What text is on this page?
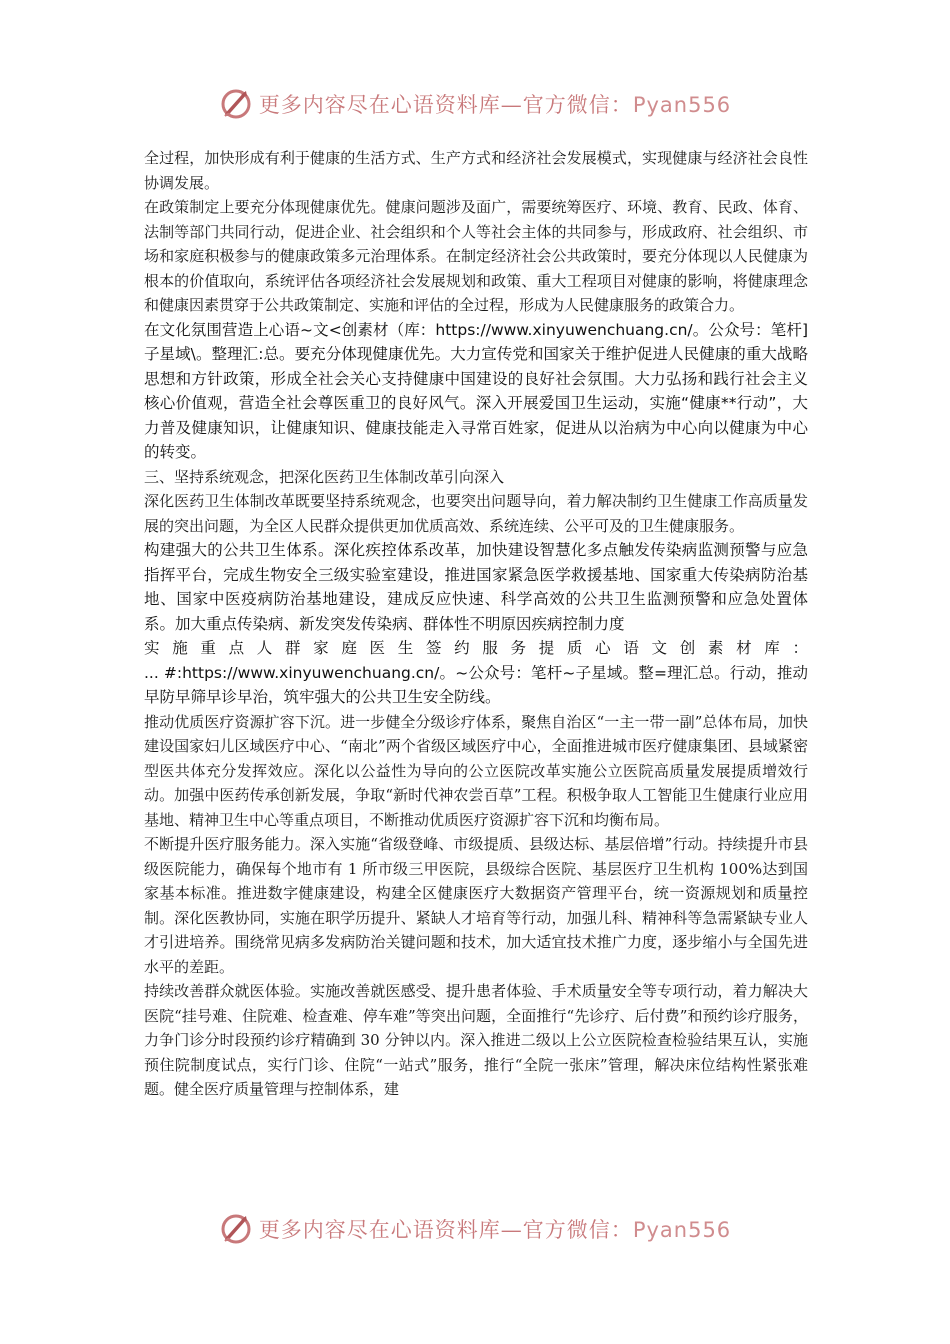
更多内容尽在心语资料库—官方微信：Pyan556

全过程，加快形成有利于健康的生活方式、生产方式和经济社会发展模式，实现健康与经济社会良性协调发展。

在政策制定上要充分体现健康优先。健康问题涉及面广，需要统筹医疗、环境、教育、民政、体育、法制等部门共同行动，促进企业、社会组织和个人等社会主体的共同参与，形成政府、社会组织、市场和家庭积极参与的健康政策多元治理体系。在制定经济社会公共政策时，要充分体现以人民健康为根本的价值取向，系统评估各项经济社会发展规划和政策、重大工程项目对健康的影响，将健康理念和健康因素贯穿于公共政策制定、实施和评估的全过程，形成为人民健康服务的政策合力。

在文化氛围营造上心语~文<创素材（库：https://www.xinyuwenchuang.cn/。公众号：笔杆]子星域\。整理汇:总。要充分体现健康优先。大力宣传党和国家关于维护促进人民健康的重大战略思想和方针政策，形成全社会关心支持健康中国建设的良好社会氛围。大力弘扬和践行社会主义核心价值观，营造全社会尊医重卫的良好风气。深入开展爱国卫生运动，实施“健康**行动”，大力普及健康知识，让健康知识、健康技能走入寻常百姓家，促进从以治病为中心向以健康为中心的转变。

三、坚持系统观念，把深化医药卫生体制改革引向深入

深化医药卫生体制改革既要坚持系统观念，也要突出问题导向，着力解决制约卫生健康工作高质量发展的突出问题，为全区人民群众提供更加优质高效、系统连续、公平可及的卫生健康服务。

构建强大的公共卫生体系。深化疾控体系改革，加快建设智慧化多点触发传染病监测预警与应急指挥平台，完成生物安全三级实验室建设，推进国家紧急医学救援基地、国家重大传染病防治基地、国家中医疫病防治基地建设，建成反应快速、科学高效的公共卫生监测预警和应急处置体系。加大重点传染病、新发突发传染病、群体性不明原因疾病控制力度

实施重点人群家庭医生签约服务提质心语文创素材库：

... #:https://www.xinyuwenchuang.cn/。~公众号：笔杆~子星域。整=理汇总。行动，推动早防早筛早诊早治，筑牢强大的公共卫生安全防线。

推动优质医疗资源扩容下沉。进一步健全分级诊疗体系，聚焦自治区“一主一带一副”总体布局，加快建设国家妇儿区域医疗中心、“南北”两个省级区域医疗中心，全面推进城市医疗健康集团、县域紧密型医共体充分发挥效应。深化以公益性为导向的公立医院改革实施公立医院高质量发展提质增效行动。加强中医药传承创新发展，争取“新时代神农尝百草”工程。积极争取人工智能卫生健康行业应用基地、精神卫生中心等重点项目，不断推动优质医疗资源扩容下沉和均衡布局。

不断提升医疗服务能力。深入实施“省级登峰、市级提质、县级达标、基层倍增”行动。持续提升市县级医院能力，确保每个地市有 1 所市级三甲医院，县级综合医院、基层医疗卫生机构 100%达到国家基本标准。推进数字健康建设，构建全区健康医疗大数据资产管理平台，统一资源规划和质量控制。深化医教协同，实施在职学历提升、紧缺人才培育等行动，加强儿科、精神科等急需紧缺专业人才引进培养。围绕常见病多发病防治关键问题和技术，加大适宜技术推广力度，逐步缩小与全国先进水平的差距。

持续改善群众就医体验。实施改善就医感受、提升患者体验、手术质量安全等专项行动，着力解决大医院“挂号难、住院难、检查难、停车难”等突出问题，全面推行“先诊疗、后付费”和预约诊疗服务，力争门诊分时段预约诊疗精确到 30 分钟以内。深入推进二级以上公立医院检查检验结果互认，实施预住院制度试点，实行门诊、住院“一站式”服务，推行“全院一张床”管理，解决床位结构性紧张难题。健全医疗质量管理与控制体系，建

更多内容尽在心语资料库—官方微信：Pyan556
